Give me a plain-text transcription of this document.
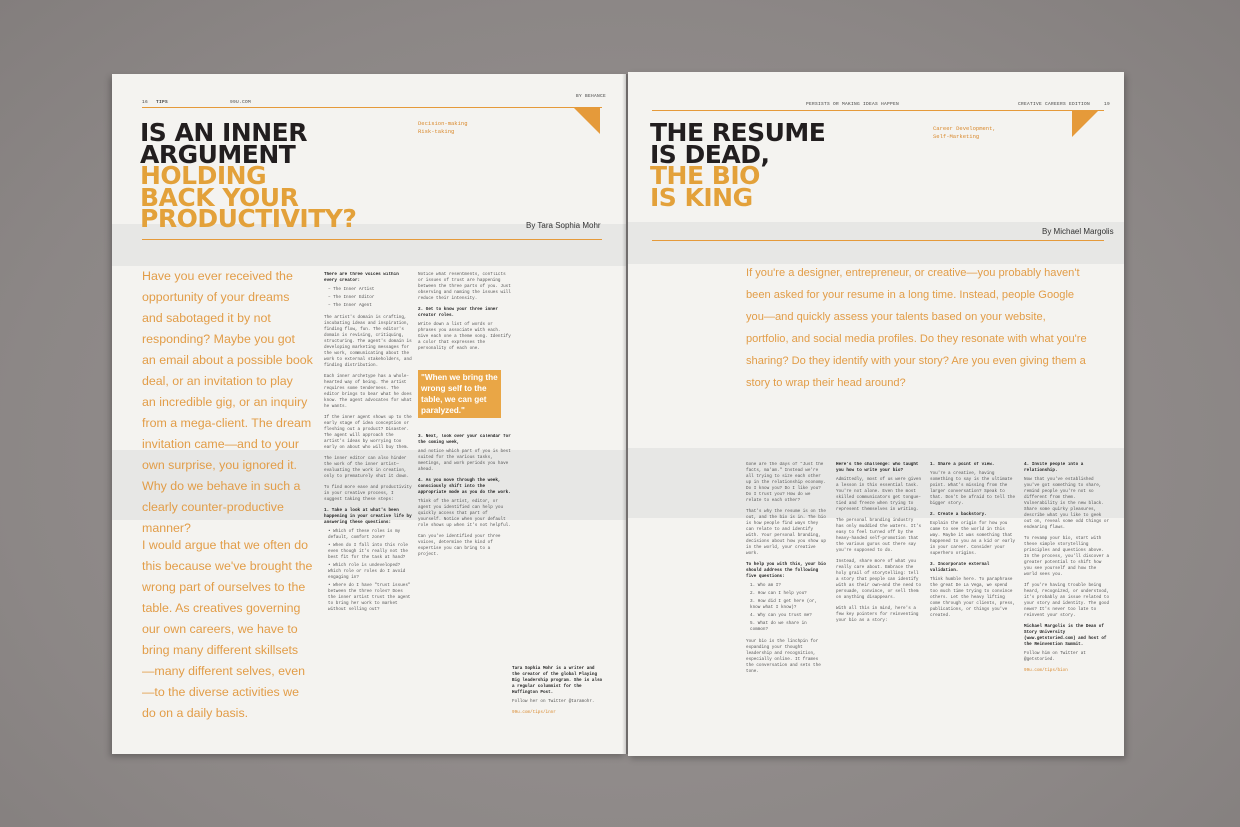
16 TIPS	99U.COM
BY BEHANCE
IS AN INNER
ARGUMENT
HOLDING
BACK YOUR
PRODUCTIVITY?
Decision-making
Risk-taking
By Tara Sophia Mohr
Have you ever received the
opportunity of your dreams
and sabotaged it by not
responding? Maybe you got
an email about a possible book
deal, or an invitation to play
an incredible gig, or an inquiry
from a mega-client. The dream
invitation came—and to your
own surprise, you ignored it.
Why do we behave in such a
clearly counter-productive
manner?
I would argue that we often do
this because we've brought the
wrong part of ourselves to the
table. As creatives governing
our own careers, we have to
bring many different skillsets
—many different selves, even
—to the diverse activities we
do on a daily basis.
There are three voices within every creator:
– The Inner Artist
– The Inner Editor
– The Inner Agent
The artist's domain is crafting, incubating ideas and inspiration, finding flow, fun. The editor's domain is revising, critiquing, structuring. The agent's domain is developing marketing messages for the work, communicating about the work to external stakeholders, and finding distribution.
Each inner archetype has a whole-hearted way of being. The artist requires some tenderness. The editor brings to bear what he does know. The agent advocates for what he wants.
If the inner agent shows up to the early stage of idea conception or fleshing out a product? Disaster. The agent will approach the artist's ideas by worrying too early on about who will buy them.
The inner editor can also hinder the work of the inner artist—evaluating the work in creation, only to prematurely shut it down.
To find more ease and productivity in your creative process, I suggest taking these steps:
1. Take a look at what's been happening in your creative life by answering these questions:
• Which of these roles is my default, comfort zone?
• When do I fall into this role even though it's really not the best fit for the task at hand?
• Which role is undeveloped? Which role or roles do I avoid engaging in?
• Where do I have "trust issues" between the three roles? Does the inner artist trust the agent to bring her work to market without selling out?
Notice what resentments, conflicts or issues of trust are happening between the three parts of you. Just observing and naming the issues will reduce their intensity.
2. Get to know your three inner creator roles.
Write down a list of words or phrases you associate with each. Give each one a theme song. Identify a color that expresses the personality of each one.
"When we bring the
wrong self to the
table, we can get
paralyzed."
3. Next, look over your calendar for the coming week,
and notice which part of you is best suited for the various tasks, meetings, and work periods you have ahead.
4. As you move through the week, consciously shift into the appropriate mode as you do the work.
Think of the artist, editor, or agent you identified can help you quickly access that part of yourself. Notice when your default role shows up when it's not helpful.
Can you've identified your three voices, determine the kind of expertise you can bring to a project.
Tara Sophia Mohr is a writer and the creator of the global Playing Big leadership program. She is also a regular columnist for the Huffington Post.
Follow her on Twitter @taramohr.
99u.com/tips/innr
PERSISTS OR MAKING IDEAS HAPPEN	CREATIVE CAREERS EDITION	19
THE RESUME
IS DEAD,
THE BIO
IS KING
Career Development,
Self-Marketing
By Michael Margolis
If you're a designer, entrepreneur, or creative—you probably haven't
been asked for your resume in a long time. Instead, people Google
you—and quickly assess your talents based on your website,
portfolio, and social media profiles. Do they resonate with what you're
sharing? Do they identify with your story? Are you even giving them a
story to wrap their head around?
Gone are the days of "Just the facts, ma'am." Instead we're all trying to size each other up in the relationship economy. Do I know you? Do I like you? Do I trust you? How do we relate to each other?
That's why the resume is on the out, and the bio is in. The bio is how people find ways they can relate to and identify with. Your personal branding, decisions about how you show up in the world, your creative work.
To help you with this, your bio should address the following five questions:
1. Who am I?
2. How can I help you?
3. How did I get here (or, know what I know)?
4. Why can you trust me?
5. What do we share in common?
Your bio is the linchpin for expanding your thought leadership and recognition, especially online. It frames the conversation and sets the tone.
Here's the challenge: who taught you how to write your bio?
Admittedly, most of us were given a lesson in this essential task. You're not alone. Even the most skilled communicators get tongue-tied and freeze when trying to represent themselves in writing.
The personal branding industry has only muddied the waters. It's easy to feel turned off by the heavy-handed self-promotion that the various gurus out there say you're supposed to do.
Instead, share more of what you really care about. Embrace the holy grail of storytelling: tell a story that people can identify with as their own—and the need to persuade, convince, or sell them on anything disappears.
With all this in mind, here's a few key pointers for reinventing your bio as a story:
1. Share a point of view.
You're a creative, having something to say is the ultimate point. What's missing from the larger conversation? Speak to that. Don't be afraid to tell the bigger story.
2. Create a backstory.
Explain the origin for how you came to see the world in this way. Maybe it was something that happened to you as a kid or early in your career. Consider your superhero origins.
3. Incorporate external validation.
Think humble here. To paraphrase the great De La Vega, we spend too much time trying to convince others. Let the heavy lifting come through your clients, press, publications, or things you've created.
4. Invite people into a relationship.
Now that you've established you've got something to share, remind people you're not so different from them. Vulnerability is the new black. Share some quirky pleasures, describe what you like to geek out on, reveal some odd things or endearing flaws.
To revamp your bio, start with these simple storytelling principles and questions above. In the process, you'll discover a greater potential to shift how you see yourself and how the world sees you.
If you're having trouble being heard, recognized, or understood, it's probably an issue related to your story and identity. The good news? It's never too late to reinvent your story.
Michael Margolis is the Dean of Story University (www.getstoried.com) and host of the Reinvention Summit.
Follow him on Twitter at @getstoried.
99u.com/tips/bion
